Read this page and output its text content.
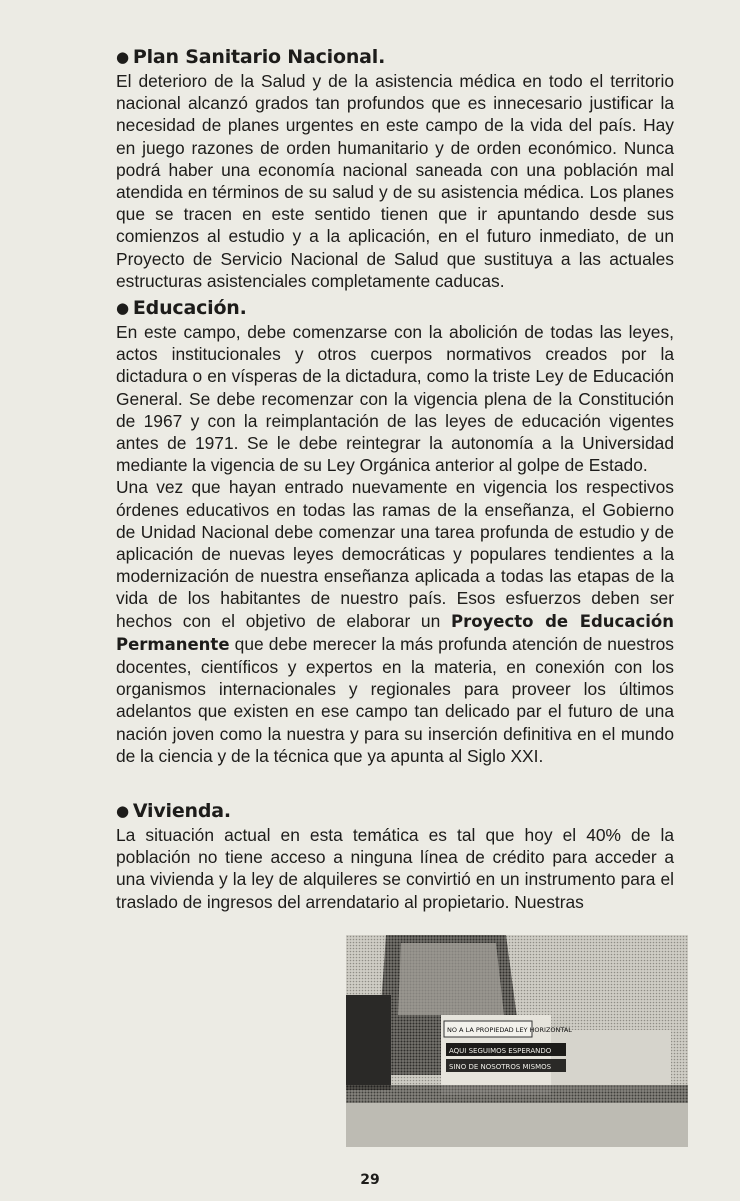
● Plan Sanitario Nacional.

El deterioro de la Salud y de la asistencia médica en todo el territorio nacional alcanzó grados tan profundos que es innecesario justificar la necesidad de planes urgentes en este campo de la vida del país. Hay en juego razones de orden humanitario y de orden económico. Nunca podrá haber una economía nacional saneada con una población mal atendida en términos de su salud y de su asistencia médica. Los planes que se tracen en este sentido tienen que ir apuntando desde sus comienzos al estudio y a la aplicación, en el futuro inmediato, de un Proyecto de Servicio Nacional de Salud que sustituya a las actuales estructuras asistenciales completamente caducas.

● Educación.

En este campo, debe comenzarse con la abolición de todas las leyes, actos institucionales y otros cuerpos normativos creados por la dictadura o en vísperas de la dictadura, como la triste Ley de Educación General. Se debe recomenzar con la vigencia plena de la Constitución de 1967 y con la reimplantación de las leyes de educación vigentes antes de 1971. Se le debe reintegrar la autonomía a la Universidad mediante la vigencia de su Ley Orgánica anterior al golpe de Estado.

Una vez que hayan entrado nuevamente en vigencia los respectivos órdenes educativos en todas las ramas de la enseñanza, el Gobierno de Unidad Nacional debe comenzar una tarea profunda de estudio y de aplicación de nuevas leyes democráticas y populares tendientes a la modernización de nuestra enseñanza aplicada a todas las etapas de la vida de los habitantes de nuestro país. Esos esfuerzos deben ser hechos con el objetivo de elaborar un Proyecto de Educación Permanente que debe merecer la más profunda atención de nuestros docentes, científicos y expertos en la materia, en conexión con los organismos internacionales y regionales para proveer los últimos adelantos que existen en ese campo tan delicado par el futuro de una nación joven como la nuestra y para su inserción definitiva en el mundo de la ciencia y de la técnica que ya apunta al Siglo XXI.

● Vivienda.

La situación actual en esta temática es tal que hoy el 40% de la población no tiene acceso a ninguna línea de crédito para acceder a una vivienda y la ley de alquileres se convirtió en un instrumento para el traslado de ingresos del arrendatario al propietario. Nuestras

NO A LA PROPIEDAD LEY HORIZONTAL
AQUI SEGUIMOS ESPERANDO
SINO DE NOSOTROS MISMOS
29
